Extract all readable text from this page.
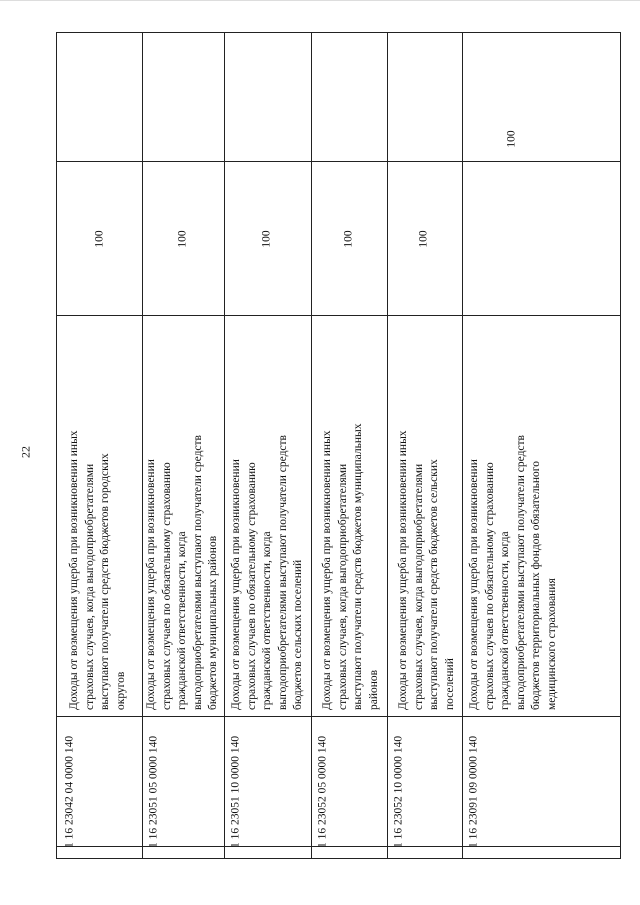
22
1 16 23042 04 0000 140
Доходы от возмещения ущерба при возникновении иных страховых случаев, когда выгодоприобретателями выступают получатели средств бюджетов городских округов
100
1 16 23051 05 0000 140
Доходы от возмещения ущерба при возникновении страховых случаев по обязательному страхованию гражданской ответственности, когда выгодоприобретателями выступают получатели средств бюджетов муниципальных районов
100
1 16 23051 10 0000 140
Доходы от возмещения ущерба при возникновении страховых случаев по обязательному страхованию гражданской ответственности, когда выгодоприобретателями выступают получатели средств бюджетов сельских поселений
100
1 16 23052 05 0000 140
Доходы от возмещения ущерба при возникновении иных страховых случаев, когда выгодоприобретателями выступают получатели средств бюджетов муниципальных районов
100
1 16 23052 10 0000 140
Доходы от возмещения ущерба при возникновении иных страховых случаев, когда выгодоприобретателями выступают получатели средств бюджетов сельских поселений
100
1 16 23091 09 0000 140
Доходы от возмещения ущерба при возникновении страховых случаев по обязательному страхованию гражданской ответственности, когда выгодоприобретателями выступают получатели средств бюджетов территориальных фондов обязательного медицинского страхования
100
